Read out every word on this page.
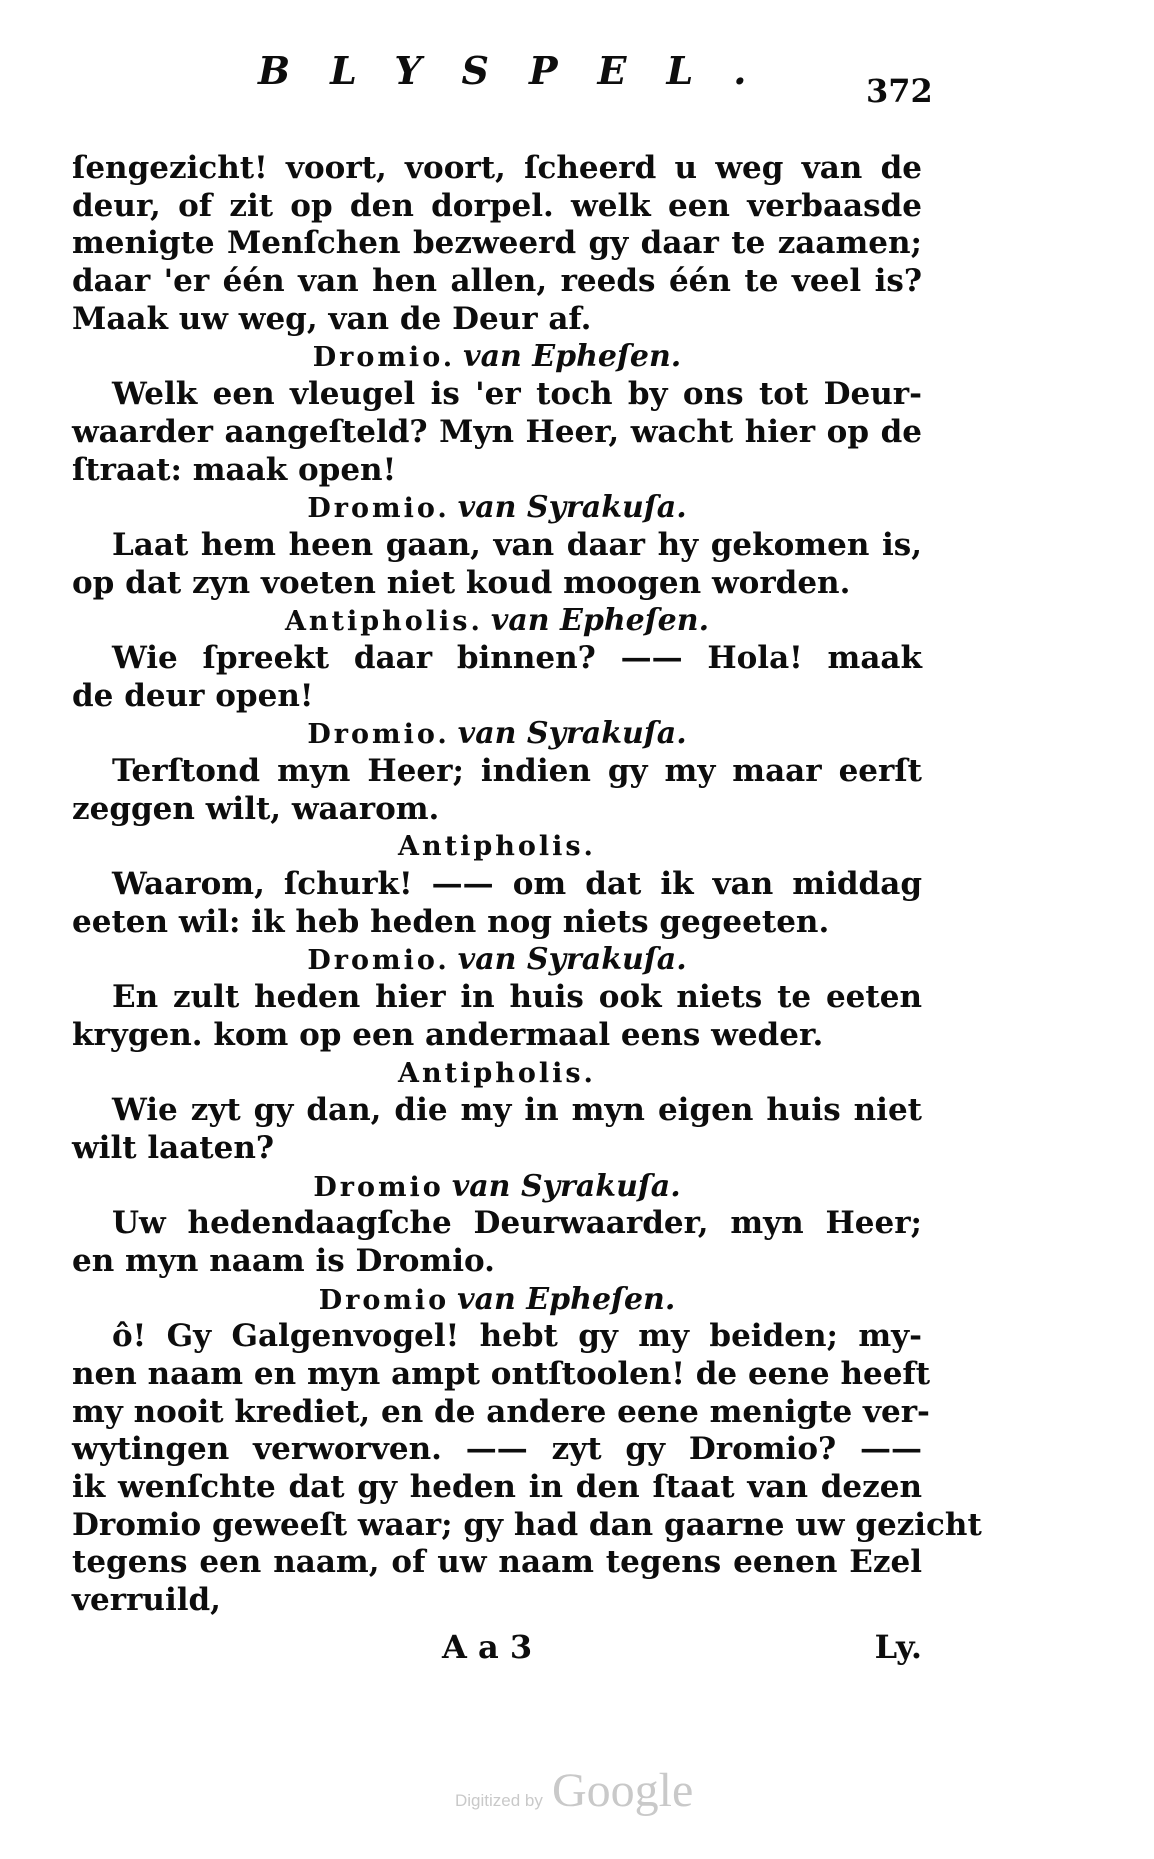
BLYSPEL. 372
ſengezicht! voort, voort, ſcheerd u weg van de
deur, of zit op den dorpel. welk een verbaasde
menigte Menſchen bezweerd gy daar te zaamen;
daar 'er één van hen allen, reeds één te veel is?
Maak uw weg, van de Deur af.
Dromio. van Epheſen.
Welk een vleugel is 'er toch by ons tot Deur-
waarder aangeſteld? Myn Heer, wacht hier op de
ſtraat: maak open!
Dromio. van Syrakuſa.
Laat hem heen gaan, van daar hy gekomen is,
op dat zyn voeten niet koud moogen worden.
Antipholis. van Epheſen.
Wie ſpreekt daar binnen? —— Hola! maak
de deur open!
Dromio. van Syrakuſa.
Terſtond myn Heer; indien gy my maar eerſt
zeggen wilt, waarom.
Antipholis.
Waarom, ſchurk! —— om dat ik van middag
eeten wil: ik heb heden nog niets gegeeten.
Dromio. van Syrakuſa.
En zult heden hier in huis ook niets te eeten
krygen. kom op een andermaal eens weder.
Antipholis.
Wie zyt gy dan, die my in myn eigen huis niet
wilt laaten?
Dromio van Syrakuſa.
Uw hedendaagſche Deurwaarder, myn Heer;
en myn naam is Dromio.
Dromio van Epheſen.
ô! Gy Galgenvogel! hebt gy my beiden; my-
nen naam en myn ampt ontſtoolen! de eene heeft
my nooit krediet, en de andere eene menigte ver-
wytingen verworven. —— zyt gy Dromio? ——
ik wenſchte dat gy heden in den ſtaat van dezen
Dromio geweeſt waar; gy had dan gaarne uw gezicht
tegens een naam, of uw naam tegens eenen Ezel
verruild,
A a 3	Ly.
Digitized by Google
